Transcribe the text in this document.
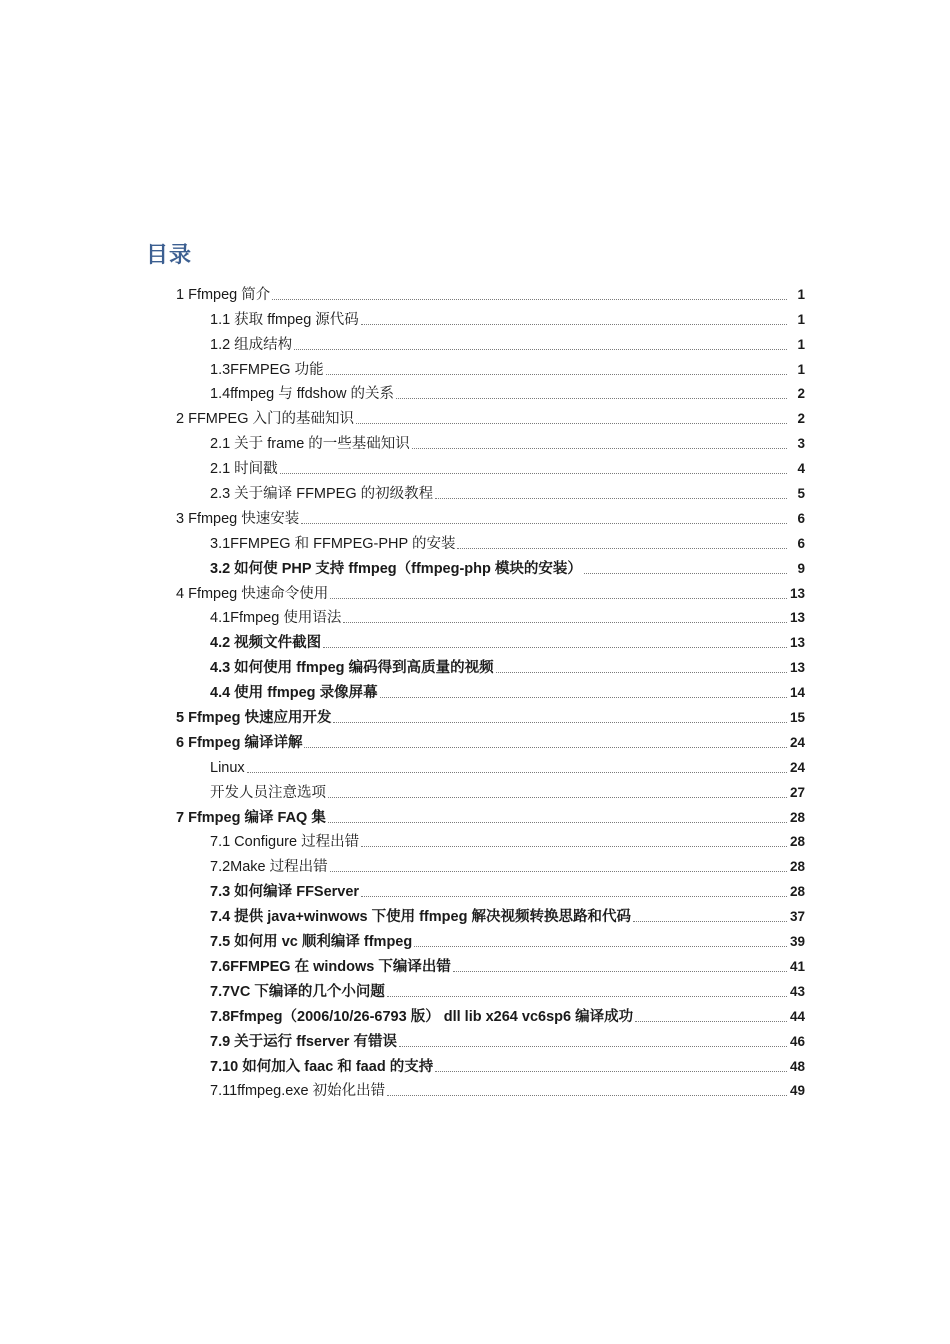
目录
1 Ffmpeg 简介	1
1.1 获取 ffmpeg 源代码	1
1.2 组成结构	1
1.3FFMPEG 功能	1
1.4ffmpeg 与 ffdshow 的关系	2
2 FFMPEG 入门的基础知识	2
2.1 关于 frame 的一些基础知识	3
2.1 时间戳	4
2.3 关于编译 FFMPEG 的初级教程	5
3 Ffmpeg 快速安装	6
3.1FFMPEG 和 FFMPEG-PHP 的安装	6
3.2 如何使 PHP 支持 ffmpeg（ffmpeg-php 模块的安装）	9
4 Ffmpeg 快速命令使用	13
4.1Ffmpeg 使用语法	13
4.2 视频文件截图	13
4.3 如何使用 ffmpeg 编码得到高质量的视频	13
4.4 使用 ffmpeg 录像屏幕	14
5 Ffmpeg 快速应用开发	15
6 Ffmpeg 编译详解	24
Linux	24
开发人员注意选项	27
7 Ffmpeg 编译 FAQ 集	28
7.1 Configure 过程出错	28
7.2Make 过程出错	28
7.3 如何编译 FFServer	28
7.4 提供 java+winwows 下使用 ffmpeg 解决视频转换思路和代码	37
7.5 如何用 vc 顺利编译 ffmpeg	39
7.6FFMPEG 在 windows 下编译出错	41
7.7VC 下编译的几个小问题	43
7.8Ffmpeg（2006/10/26-6793 版） dll lib x264 vc6sp6 编译成功	44
7.9 关于运行 ffserver 有错误	46
7.10 如何加入 faac 和 faad 的支持	48
7.11ffmpeg.exe 初始化出错	49
